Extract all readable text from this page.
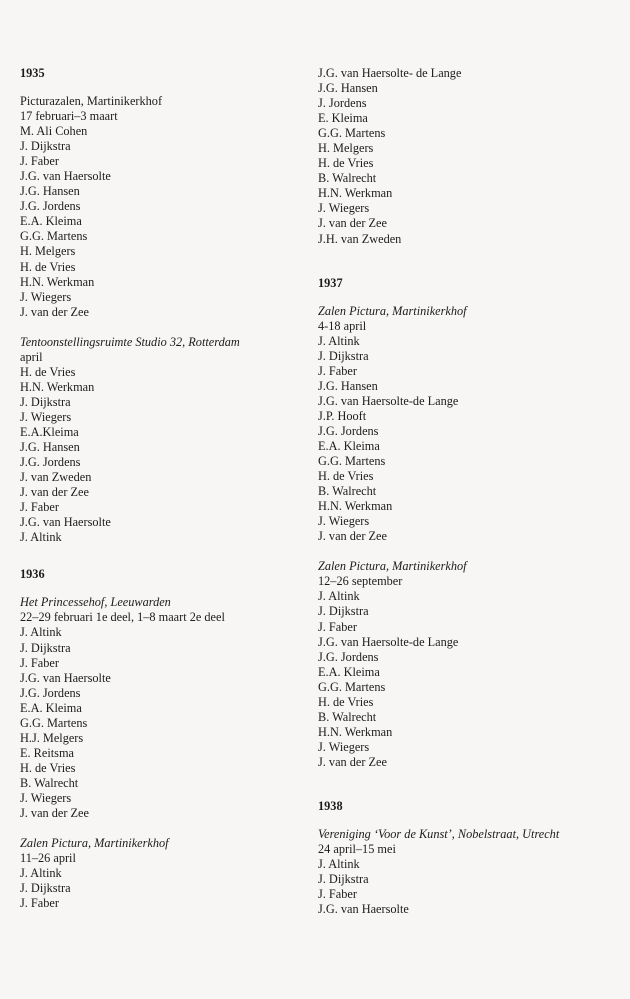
1935
Picturazalen, Martinikerkhof
17 februari–3 maart
M. Ali Cohen
J. Dijkstra
J. Faber
J.G. van Haersolte
J.G. Hansen
J.G. Jordens
E.A. Kleima
G.G. Martens
H. Melgers
H. de Vries
H.N. Werkman
J. Wiegers
J. van der Zee
Tentoonstellingsruimte Studio 32, Rotterdam
april
H. de Vries
H.N. Werkman
J. Dijkstra
J. Wiegers
E.A.Kleima
J.G. Hansen
J.G. Jordens
J. van Zweden
J. van der Zee
J. Faber
J.G. van Haersolte
J. Altink
1936
Het Princessehof, Leeuwarden
22–29 februari 1e deel, 1–8 maart 2e deel
J. Altink
J. Dijkstra
J. Faber
J.G. van Haersolte
J.G. Jordens
E.A. Kleima
G.G. Martens
H.J. Melgers
E. Reitsma
H. de Vries
B. Walrecht
J. Wiegers
J. van der Zee
Zalen Pictura, Martinikerkhof
11–26 april
J. Altink
J. Dijkstra
J. Faber
J.G. van Haersolte- de Lange
J.G. Hansen
J. Jordens
E. Kleima
G.G. Martens
H. Melgers
H. de Vries
B. Walrecht
H.N. Werkman
J. Wiegers
J. van der Zee
J.H. van Zweden
1937
Zalen Pictura, Martinikerkhof
4-18 april
J. Altink
J. Dijkstra
J. Faber
J.G. Hansen
J.G. van Haersolte-de Lange
J.P. Hooft
J.G. Jordens
E.A. Kleima
G.G. Martens
H. de Vries
B. Walrecht
H.N. Werkman
J. Wiegers
J. van der Zee
Zalen Pictura, Martinikerkhof
12–26 september
J. Altink
J. Dijkstra
J. Faber
J.G. van Haersolte-de Lange
J.G. Jordens
E.A. Kleima
G.G. Martens
H. de Vries
B. Walrecht
H.N. Werkman
J. Wiegers
J. van der Zee
1938
Vereniging ‘Voor de Kunst’, Nobelstraat, Utrecht
24 april–15 mei
J. Altink
J. Dijkstra
J. Faber
J.G. van Haersolte
